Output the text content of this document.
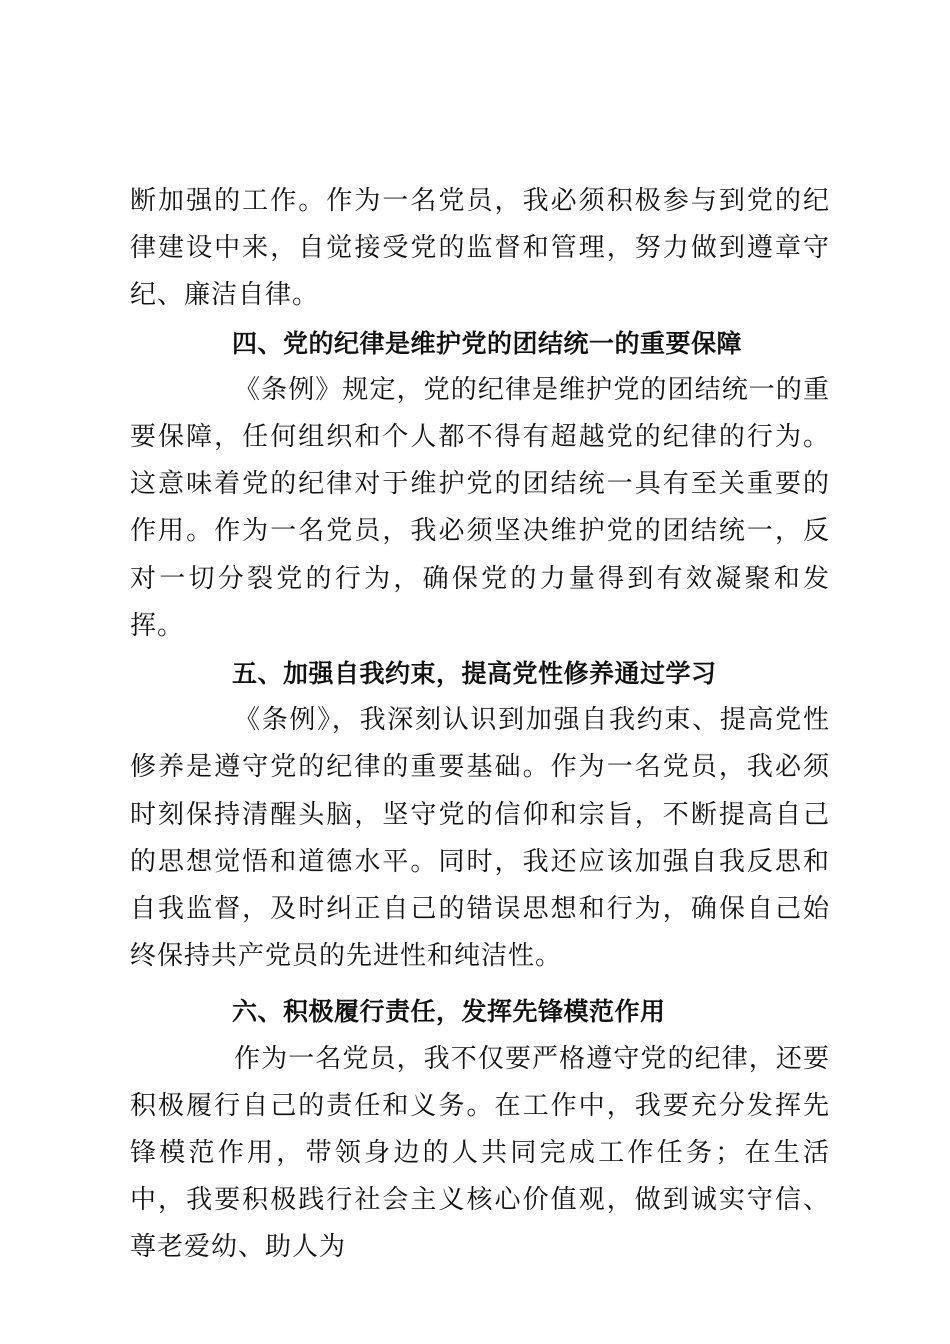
断加强的工作。作为一名党员，我必须积极参与到党的纪律建设中来，自觉接受党的监督和管理，努力做到遵章守纪、廉洁自律。

四、党的纪律是维护党的团结统一的重要保障

《条例》规定，党的纪律是维护党的团结统一的重要保障，任何组织和个人都不得有超越党的纪律的行为。这意味着党的纪律对于维护党的团结统一具有至关重要的作用。作为一名党员，我必须坚决维护党的团结统一，反对一切分裂党的行为，确保党的力量得到有效凝聚和发挥。

五、加强自我约束，提高党性修养通过学习

《条例》，我深刻认识到加强自我约束、提高党性修养是遵守党的纪律的重要基础。作为一名党员，我必须时刻保持清醒头脑，坚守党的信仰和宗旨，不断提高自己的思想觉悟和道德水平。同时，我还应该加强自我反思和自我监督，及时纠正自己的错误思想和行为，确保自己始终保持共产党员的先进性和纯洁性。

六、积极履行责任，发挥先锋模范作用

作为一名党员，我不仅要严格遵守党的纪律，还要积极履行自己的责任和义务。在工作中，我要充分发挥先锋模范作用，带领身边的人共同完成工作任务；在生活中，我要积极践行社会主义核心价值观，做到诚实守信、尊老爱幼、助人为
